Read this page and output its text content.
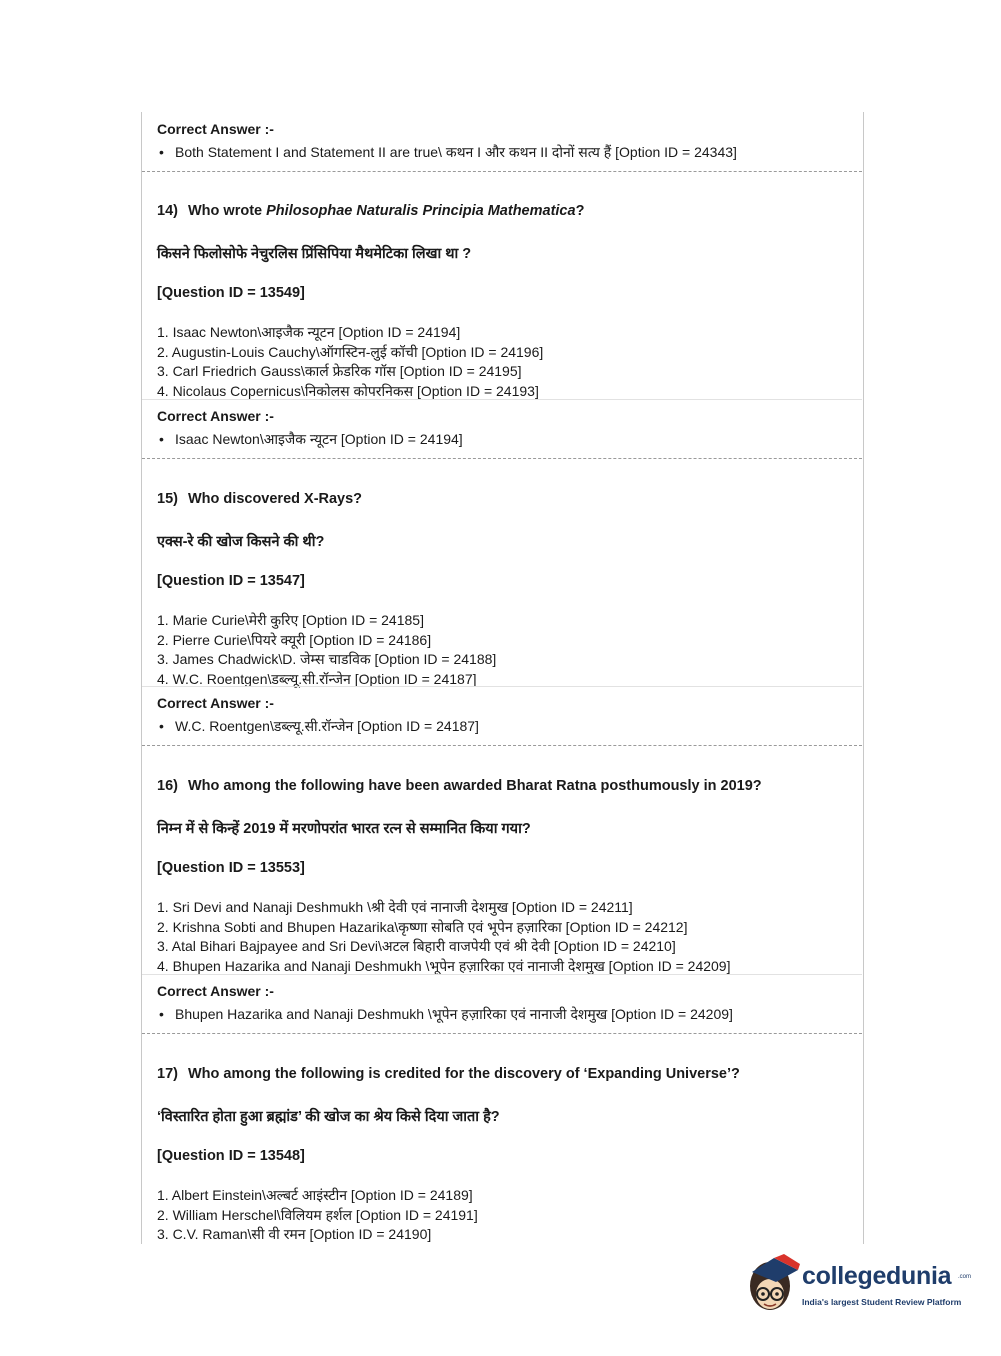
Correct Answer :-
• Both Statement I and Statement II are true\ कथन I और कथन II दोनों सत्य हैं [Option ID = 24343]
14) Who wrote Philosophae Naturalis Principia Mathematica?
किसने फिलोसोफे नेचुरलिस प्रिंसिपिया मैथमेटिका लिखा था ?
[Question ID = 13549]
1. Isaac Newton\आइजैक न्यूटन [Option ID = 24194]
2. Augustin-Louis Cauchy\ऑगस्टिन-लुई कॉची [Option ID = 24196]
3. Carl Friedrich Gauss\कार्ल फ्रेडरिक गॉस [Option ID = 24195]
4. Nicolaus Copernicus\निकोलस कोपरनिकस [Option ID = 24193]
Correct Answer :-
• Isaac Newton\आइजैक न्यूटन [Option ID = 24194]
15) Who discovered X-Rays?
एक्स-रे की खोज किसने की थी?
[Question ID = 13547]
1. Marie Curie\मेरी कुरिए [Option ID = 24185]
2. Pierre Curie\पियरे क्यूरी [Option ID = 24186]
3. James Chadwick\D. जेम्स चाडविक [Option ID = 24188]
4. W.C. Roentgen\डब्ल्यू.सी.रॉन्जेन [Option ID = 24187]
Correct Answer :-
• W.C. Roentgen\डब्ल्यू.सी.रॉन्जेन [Option ID = 24187]
16) Who among the following have been awarded Bharat Ratna posthumously in 2019?
निम्न में से किन्हें 2019 में मरणोपरांत भारत रत्न से सम्मानित किया गया?
[Question ID = 13553]
1. Sri Devi and Nanaji Deshmukh \श्री देवी एवं नानाजी देशमुख [Option ID = 24211]
2. Krishna Sobti and Bhupen Hazarika\कृष्णा सोबति एवं भूपेन हज़ारिका [Option ID = 24212]
3. Atal Bihari Bajpayee and Sri Devi\अटल बिहारी वाजपेयी एवं श्री देवी [Option ID = 24210]
4. Bhupen Hazarika and Nanaji Deshmukh \भूपेन हज़ारिका एवं नानाजी देशमुख [Option ID = 24209]
Correct Answer :-
• Bhupen Hazarika and Nanaji Deshmukh \भूपेन हज़ारिका एवं नानाजी देशमुख [Option ID = 24209]
17) Who among the following is credited for the discovery of ‘Expanding Universe’?
‘विस्तारित होता हुआ ब्रह्मांड’ की खोज का श्रेय किसे दिया जाता है?
[Question ID = 13548]
1. Albert Einstein\अल्बर्ट आइंस्टीन [Option ID = 24189]
2. William Herschel\विलियम हर्शल [Option ID = 24191]
3. C.V. Raman\सी वी रमन [Option ID = 24190]
collegedunia .com
India's largest Student Review Platform
